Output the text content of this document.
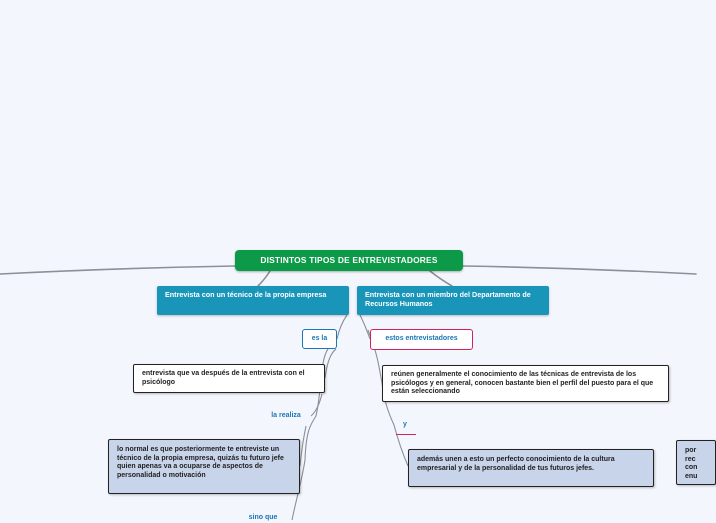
DISTINTOS TIPOS DE ENTREVISTADORES
Entrevista con un técnico de la propia empresa	Entrevista con un miembro del Departamento de Recursos Humanos
es la
entrevista que va después de la entrevista con el psicólogo
la realiza
lo normal es que posteriormente te entreviste un técnico de la propia empresa, quizás tu futuro jefe quien apenas va a ocuparse de aspectos de personalidad o motivación
sino que
estos entrevistadores
reúnen generalmente el conocimiento de las técnicas de entrevista de los psicólogos y en general, conocen bastante bien el perfil del puesto para el que están seleccionando
y
además unen a esto un perfecto conocimiento de la cultura empresarial y de la personalidad de tus futuros jefes.
por rec con enu
